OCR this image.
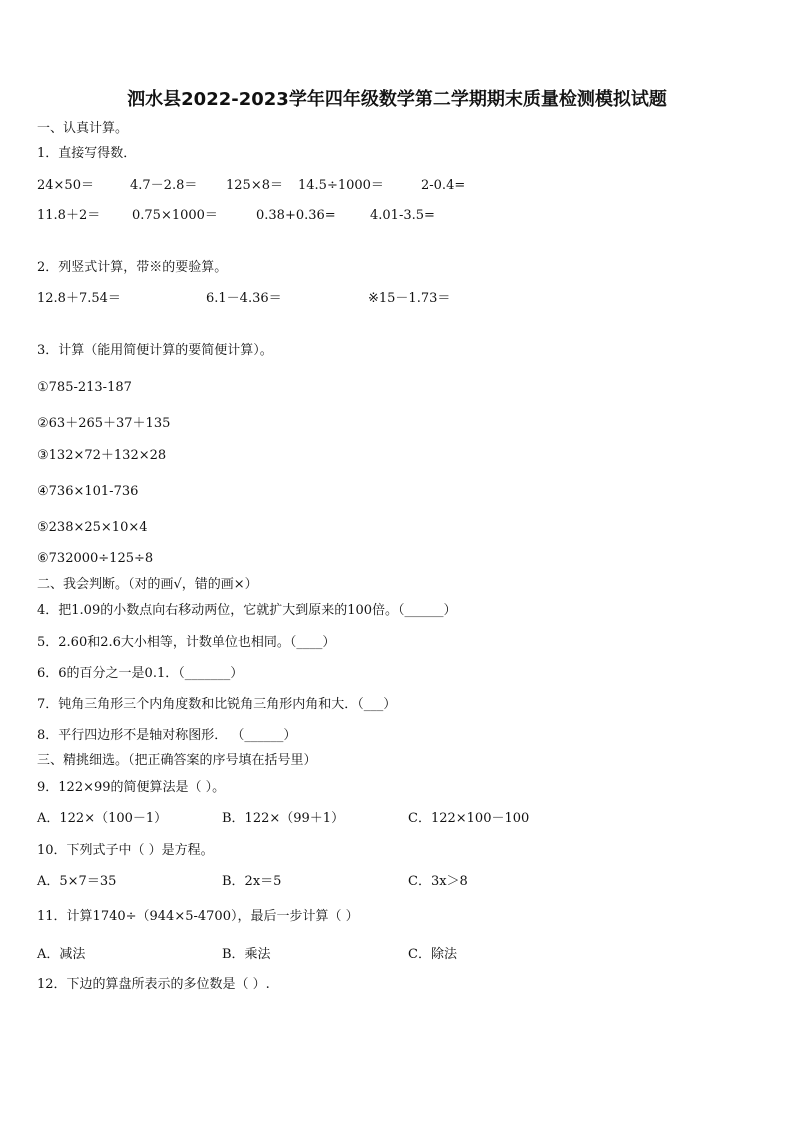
泗水县2022-2023学年四年级数学第二学期期末质量检测模拟试题
一、认真计算。
1．直接写得数．
24×50＝	4.7－2.8＝ 125×8＝ 14.5÷1000＝	2-0.4=
11.8＋2＝ 0.75×1000＝	0.38+0.36=	4.01-3.5=
2．列竖式计算，带※的要验算。
12.8＋7.54＝	6.1－4.36＝	※15－1.73＝
3．计算（能用简便计算的要简便计算）。
①785-213-187
②63＋265＋37＋135
③132×72＋132×28
④736×101-736
⑤238×25×10×4
⑥732000÷125÷8
二、我会判断。（对的画√，错的画×）
4．把1.09的小数点向右移动两位，它就扩大到原来的100倍。（______）
5．2.60和2.6大小相等，计数单位也相同。（____）
6．6的百分之一是0.1．（_______）
7．钝角三角形三个内角度数和比锐角三角形内角和大．（___）
8．平行四边形不是轴对称图形． （______）
三、精挑细选。（把正确答案的序号填在括号里）
9．122×99的简便算法是（ ）。
A．122×（100－1）	B．122×（99＋1）	C．122×100－100
10．下列式子中（ ）是方程。
A．5×7＝35	B．2x＝5	C．3x＞8
11．计算1740÷（944×5-4700），最后一步计算（ ）
A．减法	B．乘法	C．除法
12．下边的算盘所表示的多位数是（ ）.
